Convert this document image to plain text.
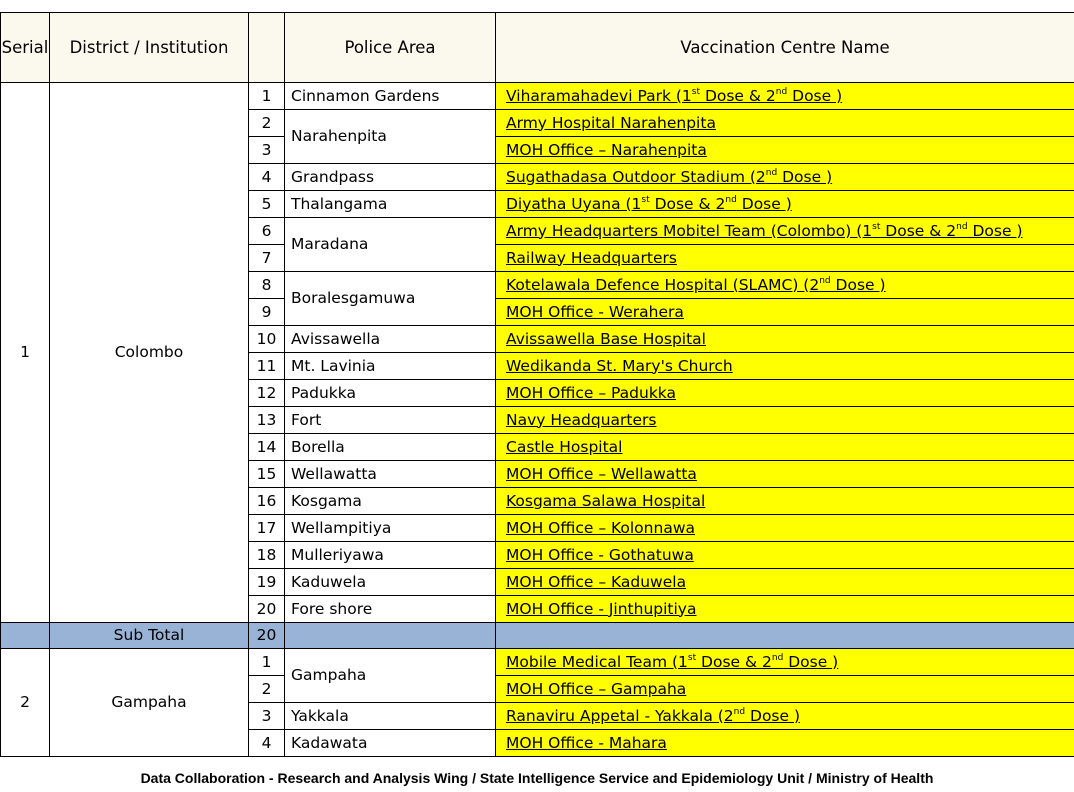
Serial	District / Institution		Police Area	Vaccination Centre Name
1	Colombo	1	Cinnamon Gardens	Viharamahadevi Park (1st Dose & 2nd Dose )
		2	Narahenpita	Army Hospital Narahenpita
		3		MOH Office – Narahenpita
		4	Grandpass	Sugathadasa Outdoor Stadium (2nd Dose )
		5	Thalangama	Diyatha Uyana (1st Dose & 2nd Dose )
		6	Maradana	Army Headquarters Mobitel Team (Colombo) (1st Dose & 2nd Dose )
		7		Railway Headquarters
		8	Boralesgamuwa	Kotelawala Defence Hospital (SLAMC) (2nd Dose )
		9		MOH Office - Werahera
		10	Avissawella	Avissawella Base Hospital
		11	Mt. Lavinia	Wedikanda St. Mary's Church
		12	Padukka	MOH Office – Padukka
		13	Fort	Navy Headquarters
		14	Borella	Castle Hospital
		15	Wellawatta	MOH Office – Wellawatta
		16	Kosgama	Kosgama Salawa Hospital
		17	Wellampitiya	MOH Office – Kolonnawa
		18	Mulleriyawa	MOH Office - Gothatuwa
		19	Kaduwela	MOH Office – Kaduwela
		20	Fore shore	MOH Office - Jinthupitiya
	Sub Total	20		
2	Gampaha	1	Gampaha	Mobile Medical Team (1st Dose & 2nd Dose )
		2		MOH Office – Gampaha
		3	Yakkala	Ranaviru Appetal - Yakkala (2nd Dose )
		4	Kadawata	MOH Office - Mahara
Data Collaboration - Research and Analysis Wing / State Intelligence Service and Epidemiology Unit / Ministry of Health
